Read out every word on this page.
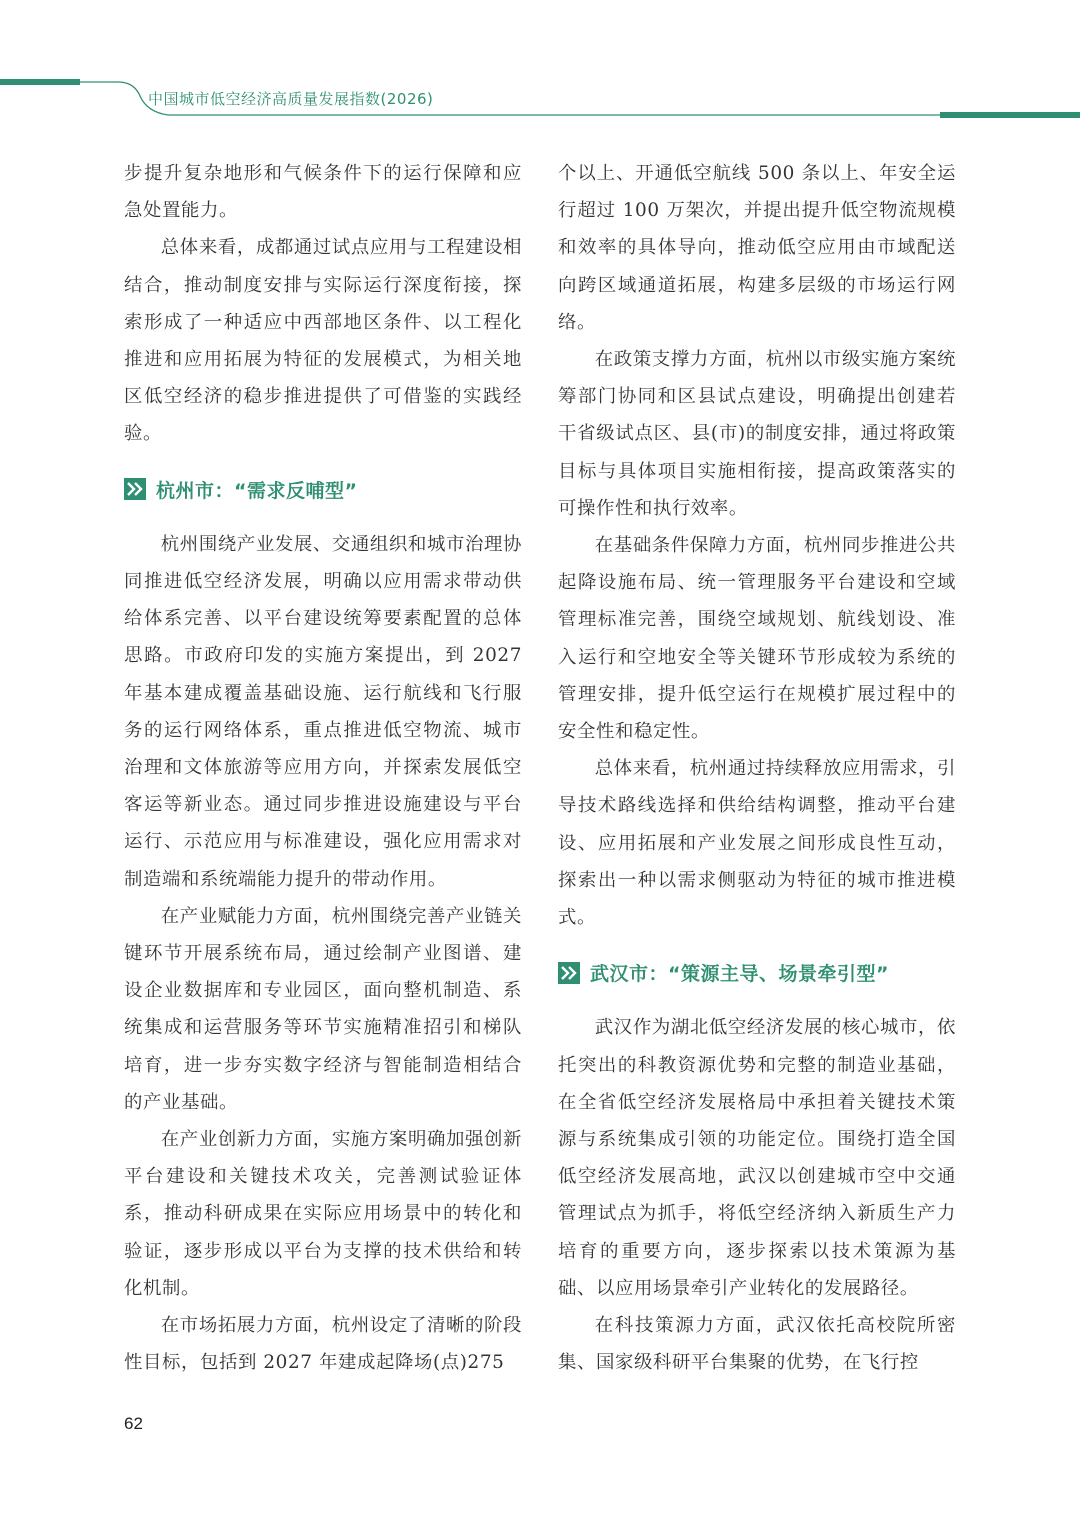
中国城市低空经济高质量发展指数(2026)

步提升复杂地形和气候条件下的运行保障和应急处置能力。

总体来看，成都通过试点应用与工程建设相结合，推动制度安排与实际运行深度衔接，探索形成了一种适应中西部地区条件、以工程化推进和应用拓展为特征的发展模式，为相关地区低空经济的稳步推进提供了可借鉴的实践经验。

杭州市：“需求反哺型”

杭州围绕产业发展、交通组织和城市治理协同推进低空经济发展，明确以应用需求带动供给体系完善、以平台建设统筹要素配置的总体思路。市政府印发的实施方案提出，到 2027 年基本建成覆盖基础设施、运行航线和飞行服务的运行网络体系，重点推进低空物流、城市治理和文体旅游等应用方向，并探索发展低空客运等新业态。通过同步推进设施建设与平台运行、示范应用与标准建设，强化应用需求对制造端和系统端能力提升的带动作用。

在产业赋能力方面，杭州围绕完善产业链关键环节开展系统布局，通过绘制产业图谱、建设企业数据库和专业园区，面向整机制造、系统集成和运营服务等环节实施精准招引和梯队培育，进一步夯实数字经济与智能制造相结合的产业基础。

在产业创新力方面，实施方案明确加强创新平台建设和关键技术攻关，完善测试验证体系，推动科研成果在实际应用场景中的转化和验证，逐步形成以平台为支撑的技术供给和转化机制。

在市场拓展力方面，杭州设定了清晰的阶段性目标，包括到 2027 年建成起降场(点)275

个以上、开通低空航线 500 条以上、年安全运行超过 100 万架次，并提出提升低空物流规模和效率的具体导向，推动低空应用由市域配送向跨区域通道拓展，构建多层级的市场运行网络。

在政策支撑力方面，杭州以市级实施方案统筹部门协同和区县试点建设，明确提出创建若干省级试点区、县(市)的制度安排，通过将政策目标与具体项目实施相衔接，提高政策落实的可操作性和执行效率。

在基础条件保障力方面，杭州同步推进公共起降设施布局、统一管理服务平台建设和空域管理标准完善，围绕空域规划、航线划设、准入运行和空地安全等关键环节形成较为系统的管理安排，提升低空运行在规模扩展过程中的安全性和稳定性。

总体来看，杭州通过持续释放应用需求，引导技术路线选择和供给结构调整，推动平台建设、应用拓展和产业发展之间形成良性互动，探索出一种以需求侧驱动为特征的城市推进模式。

武汉市：“策源主导、场景牵引型”

武汉作为湖北低空经济发展的核心城市，依托突出的科教资源优势和完整的制造业基础，在全省低空经济发展格局中承担着关键技术策源与系统集成引领的功能定位。围绕打造全国低空经济发展高地，武汉以创建城市空中交通管理试点为抓手，将低空经济纳入新质生产力培育的重要方向，逐步探索以技术策源为基础、以应用场景牵引产业转化的发展路径。

在科技策源力方面，武汉依托高校院所密集、国家级科研平台集聚的优势，在飞行控

62
